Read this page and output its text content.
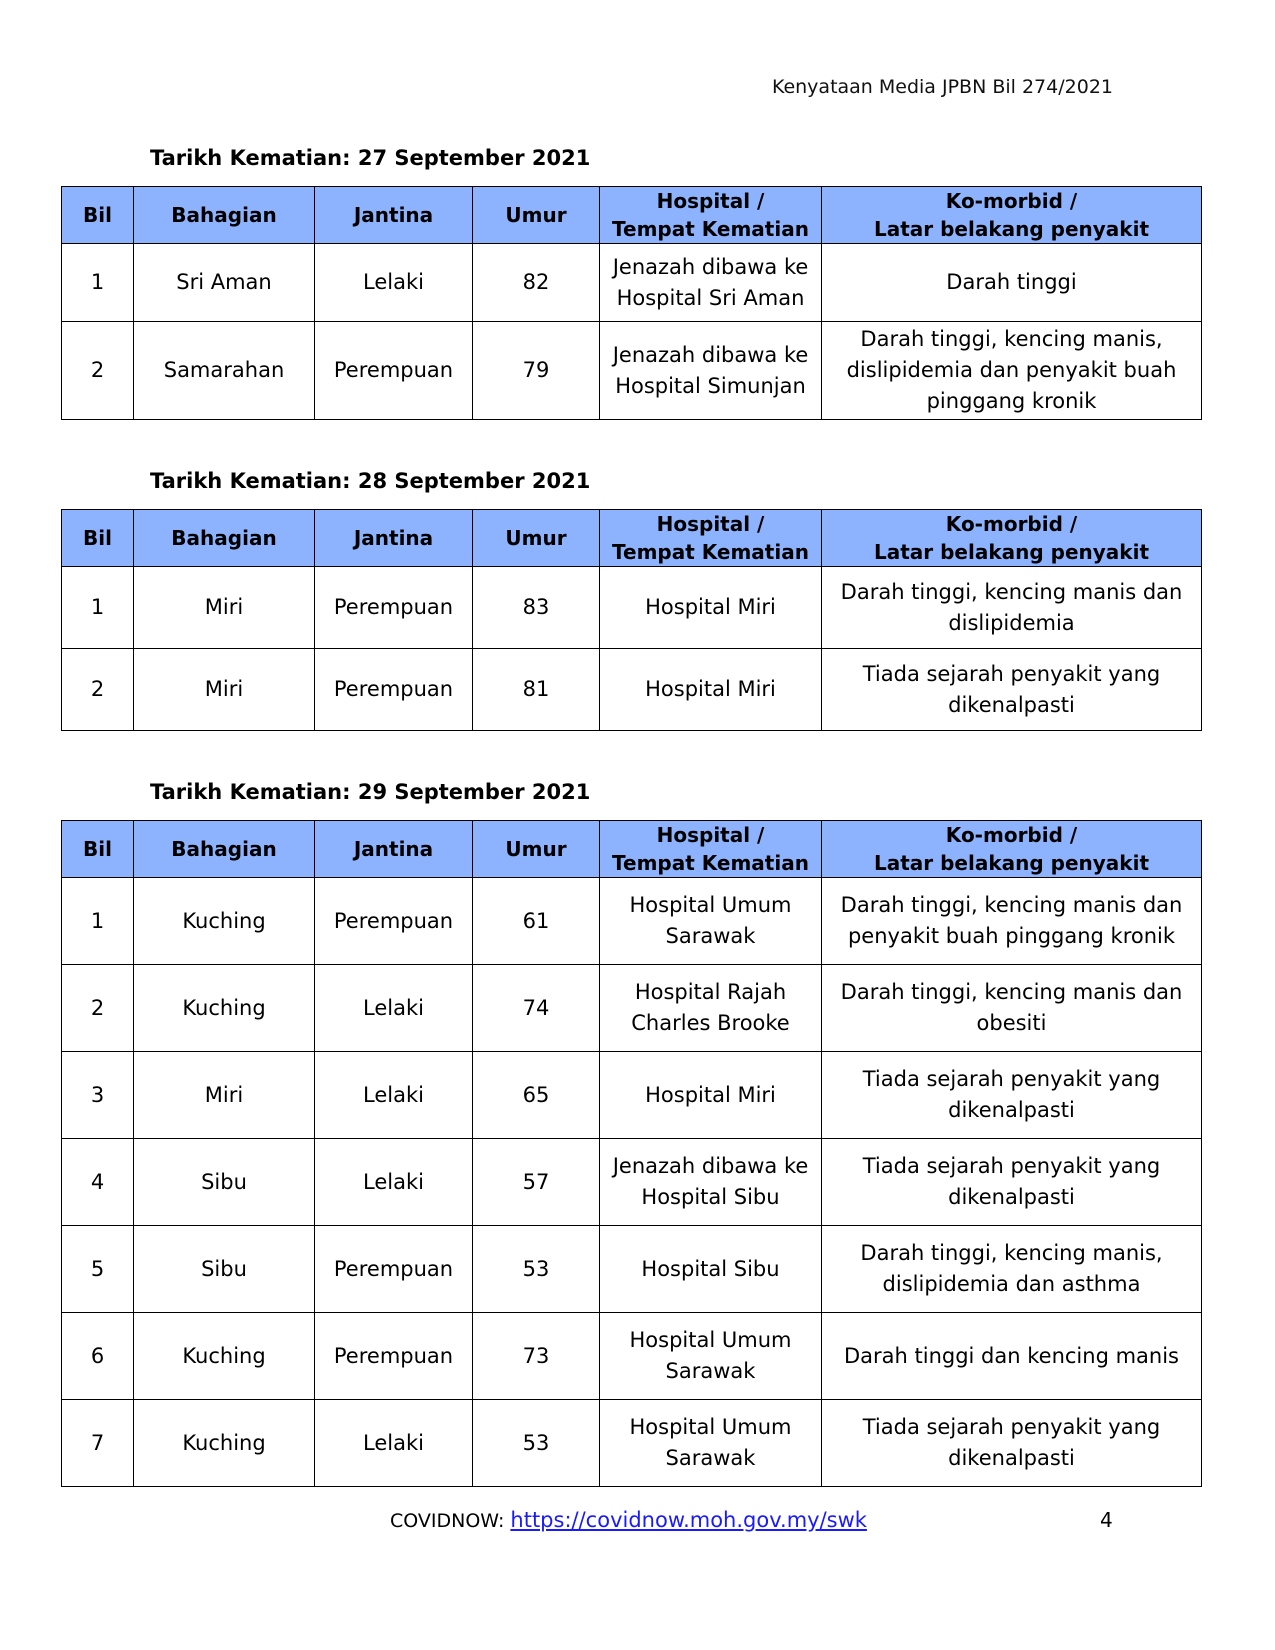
Kenyataan Media JPBN Bil 274/2021
Tarikh Kematian: 27 September 2021
Bil	Bahagian	Jantina	Umur	Hospital /
Tempat Kematian	Ko-morbid /
Latar belakang penyakit
1	Sri Aman	Lelaki	82	Jenazah dibawa ke
Hospital Sri Aman	Darah tinggi
2	Samarahan	Perempuan	79	Jenazah dibawa ke
Hospital Simunjan	Darah tinggi, kencing manis,
dislipidemia dan penyakit buah
pinggang kronik
Tarikh Kematian: 28 September 2021
Bil	Bahagian	Jantina	Umur	Hospital /
Tempat Kematian	Ko-morbid /
Latar belakang penyakit
1	Miri	Perempuan	83	Hospital Miri	Darah tinggi, kencing manis dan
dislipidemia
2	Miri	Perempuan	81	Hospital Miri	Tiada sejarah penyakit yang
dikenalpasti
Tarikh Kematian: 29 September 2021
Bil	Bahagian	Jantina	Umur	Hospital /
Tempat Kematian	Ko-morbid /
Latar belakang penyakit
1	Kuching	Perempuan	61	Hospital Umum
Sarawak	Darah tinggi, kencing manis dan
penyakit buah pinggang kronik
2	Kuching	Lelaki	74	Hospital Rajah
Charles Brooke	Darah tinggi, kencing manis dan
obesiti
3	Miri	Lelaki	65	Hospital Miri	Tiada sejarah penyakit yang
dikenalpasti
4	Sibu	Lelaki	57	Jenazah dibawa ke
Hospital Sibu	Tiada sejarah penyakit yang
dikenalpasti
5	Sibu	Perempuan	53	Hospital Sibu	Darah tinggi, kencing manis,
dislipidemia dan asthma
6	Kuching	Perempuan	73	Hospital Umum
Sarawak	Darah tinggi dan kencing manis
7	Kuching	Lelaki	53	Hospital Umum
Sarawak	Tiada sejarah penyakit yang
dikenalpasti
COVIDNOW: https://covidnow.moh.gov.my/swk	4
